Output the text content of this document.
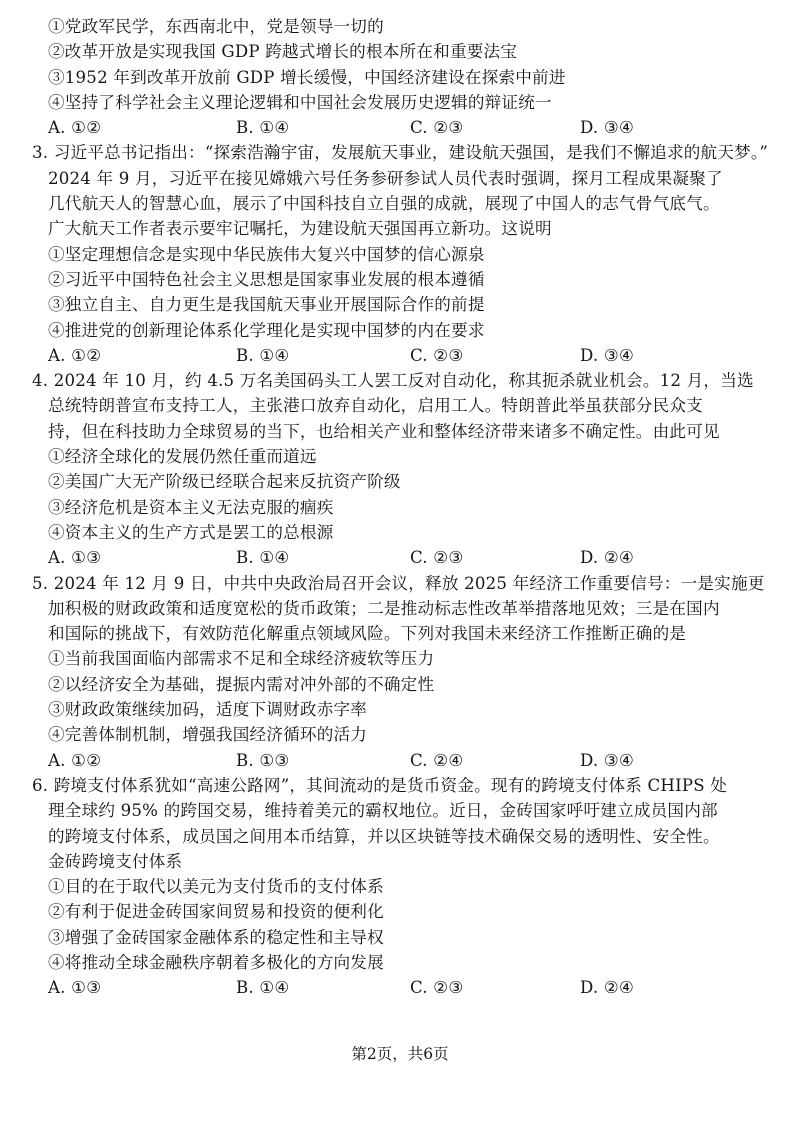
①党政军民学，东西南北中，党是领导一切的
②改革开放是实现我国 GDP 跨越式增长的根本所在和重要法宝
③1952 年到改革开放前 GDP 增长缓慢，中国经济建设在探索中前进
④坚持了科学社会主义理论逻辑和中国社会发展历史逻辑的辩证统一
A. ①②	B. ①④	C. ②③	D. ③④
3. 习近平总书记指出：“探索浩瀚宇宙，发展航天事业，建设航天强国，是我们不懈追求的航天梦。”
2024 年 9 月，习近平在接见嫦娥六号任务参研参试人员代表时强调，探月工程成果凝聚了
几代航天人的智慧心血，展示了中国科技自立自强的成就，展现了中国人的志气骨气底气。
广大航天工作者表示要牢记嘱托，为建设航天强国再立新功。这说明
①坚定理想信念是实现中华民族伟大复兴中国梦的信心源泉
②习近平中国特色社会主义思想是国家事业发展的根本遵循
③独立自主、自力更生是我国航天事业开展国际合作的前提
④推进党的创新理论体系化学理化是实现中国梦的内在要求
A. ①②	B. ①④	C. ②③	D. ③④
4. 2024 年 10 月，约 4.5 万名美国码头工人罢工反对自动化，称其扼杀就业机会。12 月，当选
总统特朗普宣布支持工人，主张港口放弃自动化，启用工人。特朗普此举虽获部分民众支
持，但在科技助力全球贸易的当下，也给相关产业和整体经济带来诸多不确定性。由此可见
①经济全球化的发展仍然任重而道远
②美国广大无产阶级已经联合起来反抗资产阶级
③经济危机是资本主义无法克服的痼疾
④资本主义的生产方式是罢工的总根源
A. ①③	B. ①④	C. ②③	D. ②④
5. 2024 年 12 月 9 日，中共中央政治局召开会议，释放 2025 年经济工作重要信号：一是实施更
加积极的财政政策和适度宽松的货币政策；二是推动标志性改革举措落地见效；三是在国内
和国际的挑战下，有效防范化解重点领域风险。下列对我国未来经济工作推断正确的是
①当前我国面临内部需求不足和全球经济疲软等压力
②以经济安全为基础，提振内需对冲外部的不确定性
③财政政策继续加码，适度下调财政赤字率
④完善体制机制，增强我国经济循环的活力
A. ①②	B. ①③	C. ②④	D. ③④
6. 跨境支付体系犹如“高速公路网”，其间流动的是货币资金。现有的跨境支付体系 CHIPS 处
理全球约 95% 的跨国交易，维持着美元的霸权地位。近日，金砖国家呼吁建立成员国内部
的跨境支付体系，成员国之间用本币结算，并以区块链等技术确保交易的透明性、安全性。
金砖跨境支付体系
①目的在于取代以美元为支付货币的支付体系
②有利于促进金砖国家间贸易和投资的便利化
③增强了金砖国家金融体系的稳定性和主导权
④将推动全球金融秩序朝着多极化的方向发展
A. ①③	B. ①④	C. ②③	D. ②④
第2页，共6页
